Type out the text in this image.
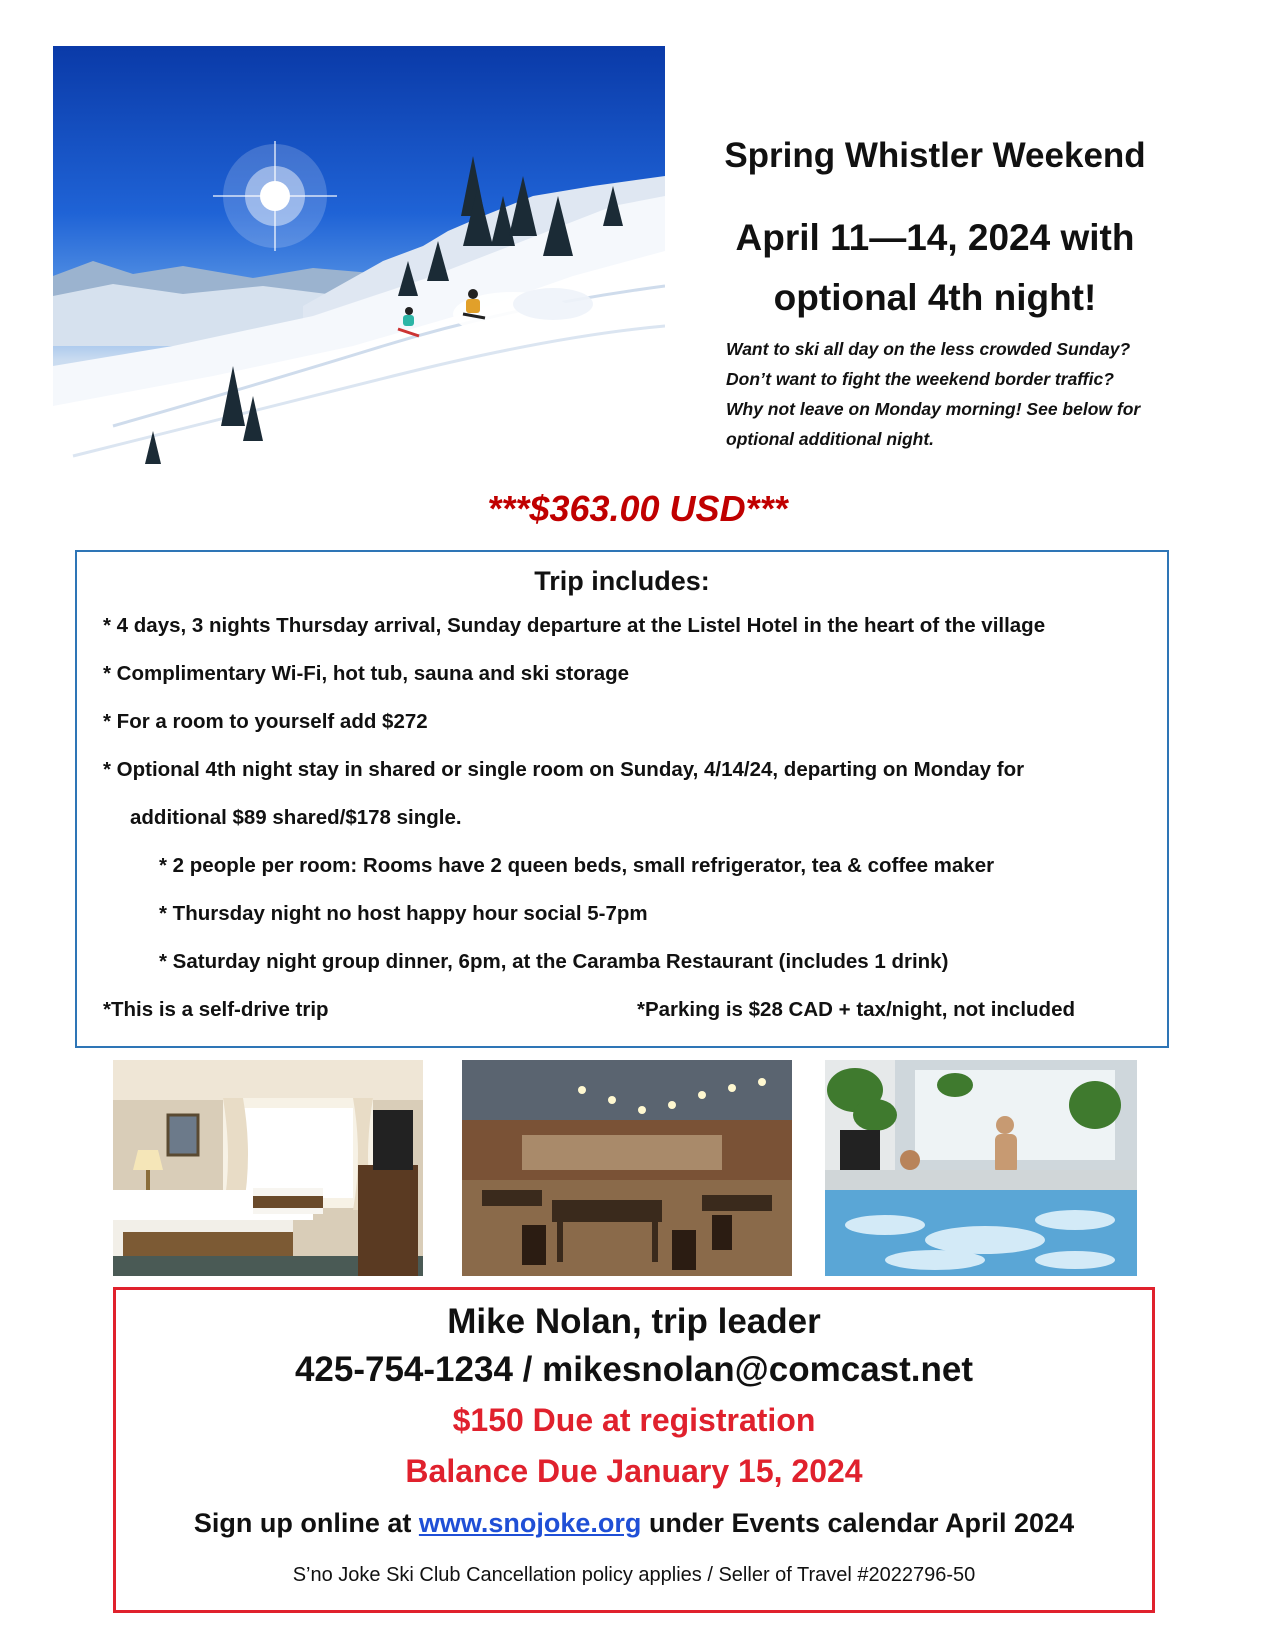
Spring Whistler Weekend
April 11—14, 2024 with
optional 4th night!
Want to ski all day on the less crowded Sunday?
Don’t want to fight the weekend border traffic?
Why not leave on Monday morning! See below for
optional additional night.
***$363.00 USD***
Trip includes:
* 4 days, 3 nights Thursday arrival, Sunday departure at the Listel Hotel in the heart of the village
* Complimentary Wi-Fi, hot tub, sauna and ski storage
* For a room to yourself add $272
* Optional 4th night stay in shared or single room on Sunday, 4/14/24, departing on Monday for
additional $89 shared/$178 single.
* 2 people per room: Rooms have 2 queen beds, small refrigerator, tea & coffee maker
* Thursday night no host happy hour social 5-7pm
* Saturday night group dinner, 6pm, at the Caramba Restaurant (includes 1 drink)
*This is a self-drive trip	*Parking is $28 CAD + tax/night, not included
Mike Nolan, trip leader
425-754-1234 / mikesnolan@comcast.net
$150 Due at registration
Balance Due January 15, 2024
Sign up online at www.snojoke.org under Events calendar April 2024
S’no Joke Ski Club Cancellation policy applies / Seller of Travel #2022796-50
